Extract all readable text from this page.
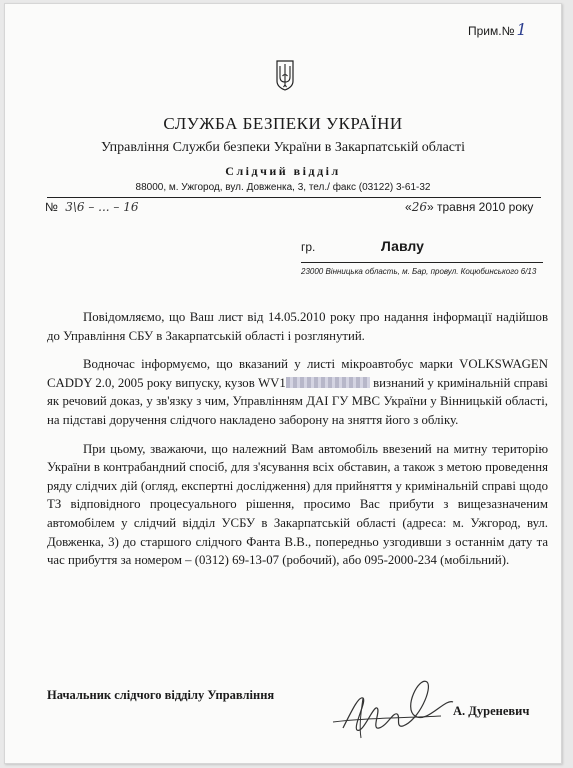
Прим.№ 1
СЛУЖБА БЕЗПЕКИ УКРАЇНИ
Управління Служби безпеки України в Закарпатській області
Слідчий відділ
88000, м. Ужгород, вул. Довженка, 3, тел./ факс (03122) 3-61-32
№ 3\6 – ... – 16	«26» травня 2010 року
гр.	Лавлу
23000 Вінницька область, м. Бар, провул. Коцюбинського 6/13

Повідомляємо, що Ваш лист від 14.05.2010 року про надання інформації надійшов до Управління СБУ в Закарпатській області і розглянутий.

Водночас інформуємо, що вказаний у листі мікроавтобус марки VOLKSWAGEN CADDY 2.0, 2005 року випуску, кузов WV1	визнаний у кримінальній справі як речовий доказ, у зв'язку з чим, Управлінням ДАІ ГУ МВС України у Вінницькій області, на підставі доручення слідчого накладено заборону на зняття його з обліку.

При цьому, зважаючи, що належний Вам автомобіль ввезений на митну територію України в контрабандний спосіб, для з'ясування всіх обставин, а також з метою проведення ряду слідчих дій (огляд, експертні дослідження) для прийняття у кримінальній справі щодо ТЗ відповідного процесуального рішення, просимо Вас прибути з вищезазначеним автомобілем у слідчий відділ УСБУ в Закарпатській області (адреса: м. Ужгород, вул. Довженка, 3) до старшого слідчого Фанта В.В., попередньо узгодивши з останнім дату та час прибуття за номером – (0312) 69-13-07 (робочий), або 095-2000-234 (мобільний).

Начальник слідчого відділу Управління
А. Дуреневич
